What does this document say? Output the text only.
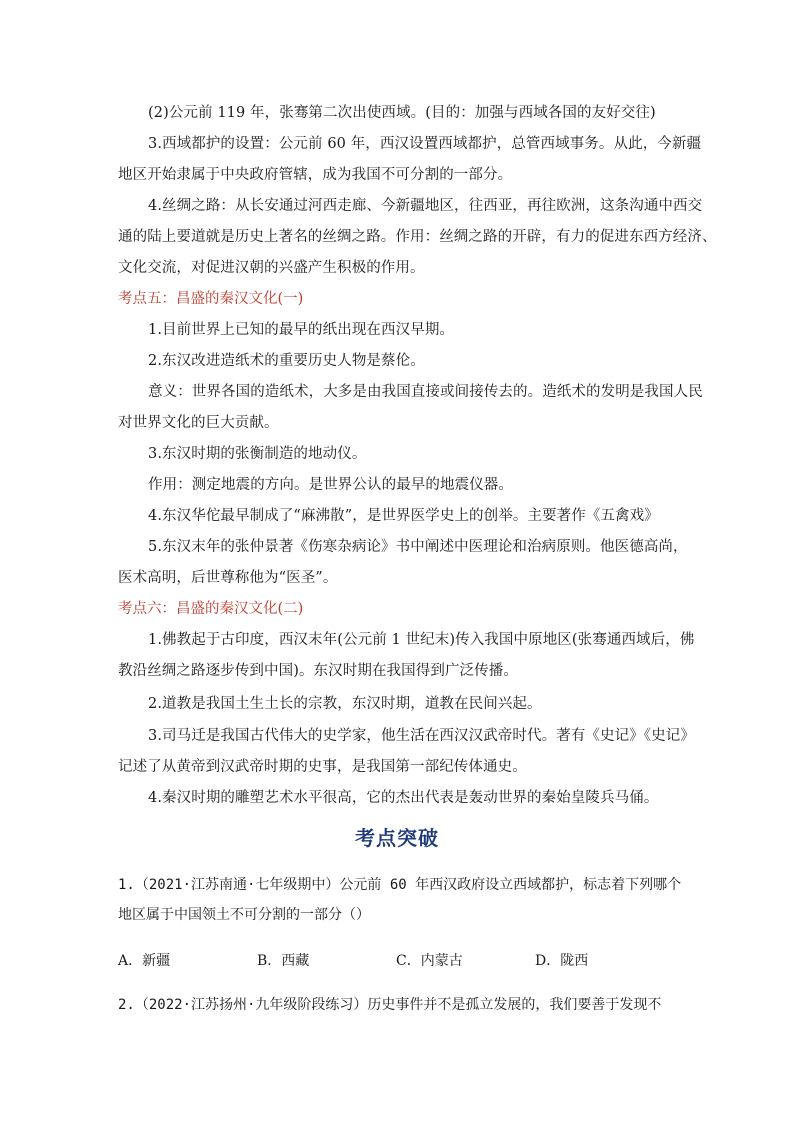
(2)公元前 119 年，张骞第二次出使西域。(目的：加强与西域各国的友好交往)
3.西域都护的设置：公元前 60 年，西汉设置西域都护，总管西域事务。从此，今新疆
地区开始隶属于中央政府管辖，成为我国不可分割的一部分。
4.丝绸之路：从长安通过河西走廊、今新疆地区，往西亚，再往欧洲，这条沟通中西交
通的陆上要道就是历史上著名的丝绸之路。作用：丝绸之路的开辟，有力的促进东西方经济、
文化交流，对促进汉朝的兴盛产生积极的作用。
考点五：昌盛的秦汉文化(一)
1.目前世界上已知的最早的纸出现在西汉早期。
2.东汉改进造纸术的重要历史人物是蔡伦。
意义：世界各国的造纸术，大多是由我国直接或间接传去的。造纸术的发明是我国人民
对世界文化的巨大贡献。
3.东汉时期的张衡制造的地动仪。
作用：测定地震的方向。是世界公认的最早的地震仪器。
4.东汉华佗最早制成了“麻沸散”，是世界医学史上的创举。主要著作《五禽戏》
5.东汉末年的张仲景著《伤寒杂病论》书中阐述中医理论和治病原则。他医德高尚，
医术高明，后世尊称他为“医圣”。
考点六：昌盛的秦汉文化(二)
1.佛教起于古印度，西汉末年(公元前 1 世纪末)传入我国中原地区(张骞通西域后，佛
教沿丝绸之路逐步传到中国)。东汉时期在我国得到广泛传播。
2.道教是我国土生土长的宗教，东汉时期，道教在民间兴起。
3.司马迁是我国古代伟大的史学家，他生活在西汉汉武帝时代。著有《史记》《史记》
记述了从黄帝到汉武帝时期的史事，是我国第一部纪传体通史。
4.秦汉时期的雕塑艺术水平很高，它的杰出代表是轰动世界的秦始皇陵兵马俑。
考点突破
1.（2021·江苏南通·七年级期中）公元前 60 年西汉政府设立西域都护，标志着下列哪个
地区属于中国领土不可分割的一部分（）
A．新疆	B．西藏	C．内蒙古	D．陇西
2.（2022·江苏扬州·九年级阶段练习）历史事件并不是孤立发展的，我们要善于发现不
